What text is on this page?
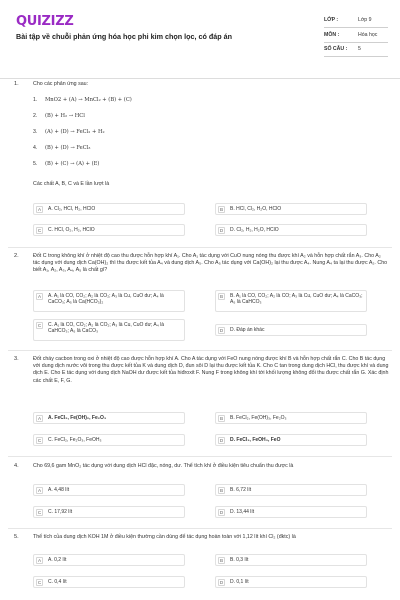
QUIZIZZ
Bài tập về chuỗi phản ứng hóa học phi kim chọn lọc, có đáp án
LỚP :	Lớp 9
MÔN :	Hóa học
SỐ CÂU : 5
1.	Cho các phản ứng sau:
1. MnO2 + (A) → MnCl₂ + (B) + (C)
2. (B) + H₂ → HCl
3. (A) + (D) → FeCl₂ + H₂
4. (B) + (D) → FeCl₃
5. (B) + (C) → (A) + (E)
Các chất A, B, C và E lần lượt là
A	A. Cl₂, HCl, H₂, HClO	B	B. HCl, Cl₂, H₂O, HClO
C	C. HCl, O₂, H₂, HClO	D	D. Cl₂, H₂, H₂O, HClO
2.	Đốt C trong không khí ở nhiệt độ cao thu được hỗn hợp khí A₁. Cho A₁ tác dụng với CuO nung nóng thu được khí A₂ và hỗn hợp chất rắn A₃. Cho A₂ tác dụng với dung dịch Ca(OH)₂ thì thu được kết tủa A₄ và dung dịch A₅. Cho A₅ tác dụng với Ca(OH)₂ lại thu được A₄. Nung A₄ ta lại thu được A₂. Cho biết A₁, A₂, A₃, A₄, A₅ là chất gì?
A	A. A₁ là CO, CO₂; A₂ là CO₂; A₃ là Cu, CuO dư; A₄ là CaCO₃; A₅ là Ca(HCO₃)₂
B	B. A₁ là CO, CO₂; A₂ là CO; A₃ là Cu, CuO dư; A₄ là CaCO₃; A₅ là CaHCO₃
C	C. A₁ là CO, CO₂; A₂ là CO₂; A₃ là Cu, CuO dư; A₄ là CaHCO₃; A₅ là CaCO₃	D	D. Đáp án khác
3.	Đốt cháy cacbon trong oxi ở nhiệt độ cao được hỗn hợp khí A. Cho A tác dụng với FeO nung nóng được khí B và hỗn hợp chất rắn C. Cho B tác dụng với dung dịch nước vôi trong thu được kết tủa K và dung dịch D, đun sôi D lại thu được kết tủa K. Cho C tan trong dung dịch HCl, thu được khí và dung dịch E. Cho E tác dụng với dung dịch NaOH dư được kết tủa hiđroxit F. Nung F trong không khí tới khối lượng không đổi thu được chất rắn G. Xác định các chất E, F, G.
A	A. FeCl₂, Fe(OH)₂, Fe₂O₃	B	B. FeCl₂, Fe(OH)₃, Fe₂O₃
C	C. FeCl₂, Fe₂O₃, FeOH₃	D	D. FeCl₃, FeOH₃, FeO
4.	Cho 69,6 gam MnO₂ tác dụng với dung dịch HCl đặc, nóng, dư. Thể tích khí ở điều kiện tiêu chuẩn thu được là
A	A. 4,48 lít	B	B. 6,72 lít
C	C. 17,92 lít	D	D. 13,44 lít
5.	Thể tích của dung dịch KOH 1M ở điều kiện thường cần dùng để tác dụng hoàn toàn với 1,12 lít khí Cl₂ (đktc) là
A	A. 0,2 lít	B	B. 0,3 lít
C	C. 0,4 lít	D	D. 0,1 lít
